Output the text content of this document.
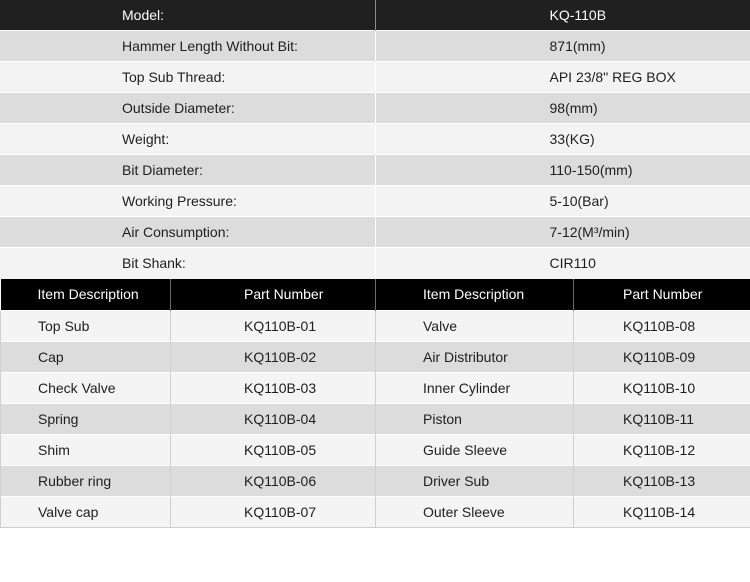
Model:	KQ-110B
Hammer Length Without Bit:	871(mm)
Top Sub Thread:	API 23/8" REG BOX
Outside Diameter:	98(mm)
Weight:	33(KG)
Bit Diameter:	110-150(mm)
Working Pressure:	5-10(Bar)
Air Consumption:	7-12(M³/min)
Bit Shank:	CIR110
Item Description	Part Number	Item Description	Part Number
Top Sub	KQ110B-01	Valve	KQ110B-08
Cap	KQ110B-02	Air Distributor	KQ110B-09
Check Valve	KQ110B-03	Inner Cylinder	KQ110B-10
Spring	KQ110B-04	Piston	KQ110B-11
Shim	KQ110B-05	Guide Sleeve	KQ110B-12
Rubber ring	KQ110B-06	Driver Sub	KQ110B-13
Valve cap	KQ110B-07	Outer Sleeve	KQ110B-14
